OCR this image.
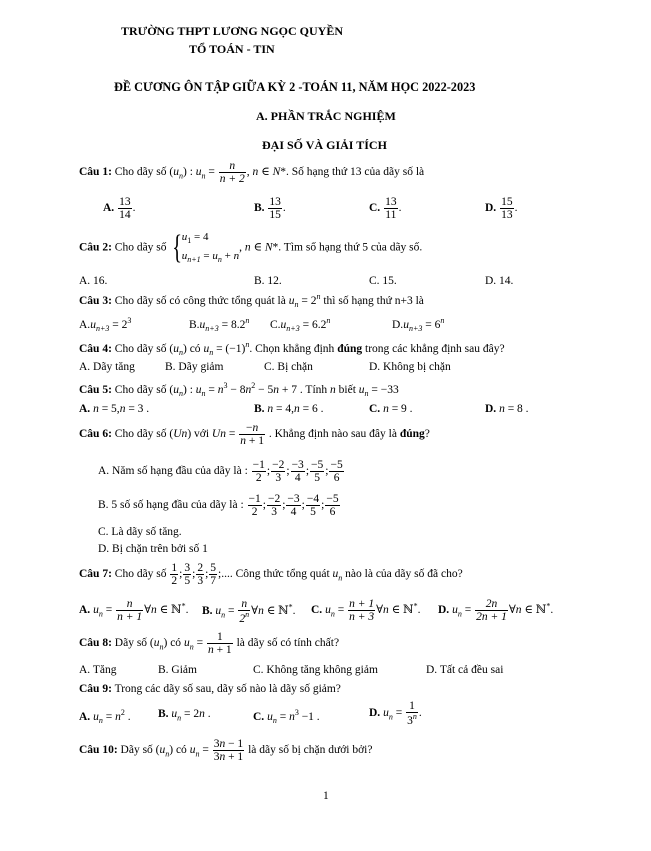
TRƯỜNG THPT LƯƠNG NGỌC QUYỀN
TỔ TOÁN - TIN
ĐỀ CƯƠNG ÔN TẬP GIỮA KỲ 2 -TOÁN 11, NĂM HỌC 2022-2023
A. PHẦN TRẮC NGHIỆM
ĐẠI SỐ VÀ GIẢI TÍCH
Câu 1: Cho dãy số $(u_n)$ : $u_n = \frac{n}{n + 2}$ , n ∈ N*. Số hạng thứ 13 của dãy số là
A. $\frac{13}{14}$ .	B. $\frac{13}{15}$ .	C. $\frac{13}{11}$ .	D. $\frac{15}{13}$ .
Câu 2: Cho dãy số {$u_1 = 4$
$u_{n+1} = u_n + n$, n ∈ N*. Tìm số hạng thứ 5 của dãy số.
A. 16.	B. 12.	C. 15.	D. 14.
Câu 3: Cho dãy số có công thức tổng quát là $u_n = 2^n$ thì số hạng thứ n+3 là
$A.u_{n+3} = 2^3$	$B.u_{n+3} = 8.2^n$ $C.u_{n+3} = 6.2^n$	$D.u_{n+3} = 6^n$
Câu 4: Cho dãy số $(u_n)$ có $u_n = (-1)^n$. Chọn khẳng định đúng trong các khẳng định sau đây?
A. Dãy tăng	B. Dãy giảm	C. Bị chặn	D. Không bị chặn
Câu 5: Cho dãy số $(u_n)$ : $u_n = n^3 - 8n^2 - 5n + 7$ . Tính n biết $u_n = -33$
A. n = 5,n = 3 .	B. n = 4,n = 6 .	C. n = 9 .	D. n = 8 .
Câu 6: Cho dãy số (Un) với $Un = \frac{-n}{n + 1}$ . Khẳng định nào sau đây là đúng?
A. Năm số hạng đầu của dãy là : $\frac{-1}{2}$ ; $\frac{-2}{3}$ ; $\frac{-3}{4}$ ; $\frac{-5}{5}$ ; $\frac{-5}{6}$
B. 5 số số hạng đầu của dãy là : $\frac{-1}{2}$ ; $\frac{-2}{3}$ ; $\frac{-3}{4}$ ; $\frac{-4}{5}$ ; $\frac{-5}{6}$
C. Là dãy số tăng.
D. Bị chặn trên bởi số 1
Câu 7: Cho dãy số $\frac{1}{2}$ ; $\frac{3}{5}$ ; $\frac{2}{3}$ ; $\frac{5}{7}$ ;.... Công thức tổng quát $u_n$ nào là của dãy số đã cho?
A. $u_n = \frac{n}{n + 1}$ ∀n ∈ ℕ*. B. $u_n = \frac{n}{2^n}$ ∀n ∈ ℕ*. C. $u_n = \frac{n + 1}{n + 3}$ ∀n ∈ ℕ*. D. $u_n = \frac{2n}{2n + 1}$ ∀n ∈ ℕ*.
Câu 8: Dãy số $(u_n)$ có $u_n = \frac{1}{n + 1}$ là dãy số có tính chất?
A. Tăng	B. Giảm	C. Không tăng không giảm	D. Tất cả đều sai
Câu 9: Trong các dãy số sau, dãy số nào là dãy số giảm?
A. $u_n = n^2$ . B. $u_n = 2n$ .	C. $u_n = n^3 -1$ .	D. $u_n = \frac{1}{3^n}$ .
Câu 10: Dãy số $(u_n)$ có $u_n = \frac{3n - 1}{3n + 1}$ là dãy số bị chặn dưới bởi?
1
